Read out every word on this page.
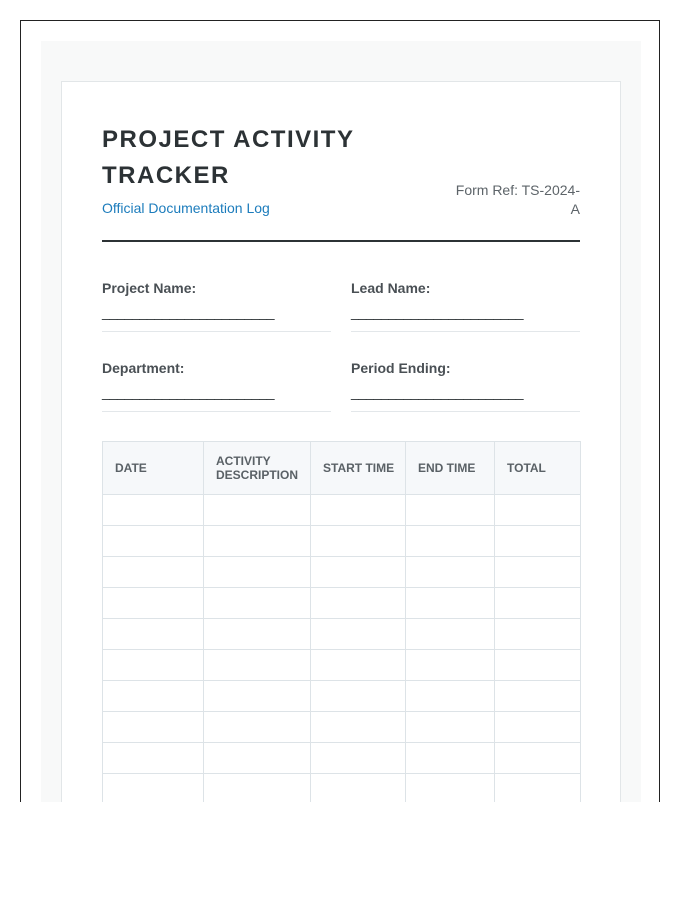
PROJECT ACTIVITY TRACKER
Official Documentation Log
Form Ref: TS-2024-A
Project Name:
_______________________
Lead Name:
_______________________
Department:
_______________________
Period Ending:
_______________________
DATE	ACTIVITY DESCRIPTION	START TIME	END TIME	TOTAL
